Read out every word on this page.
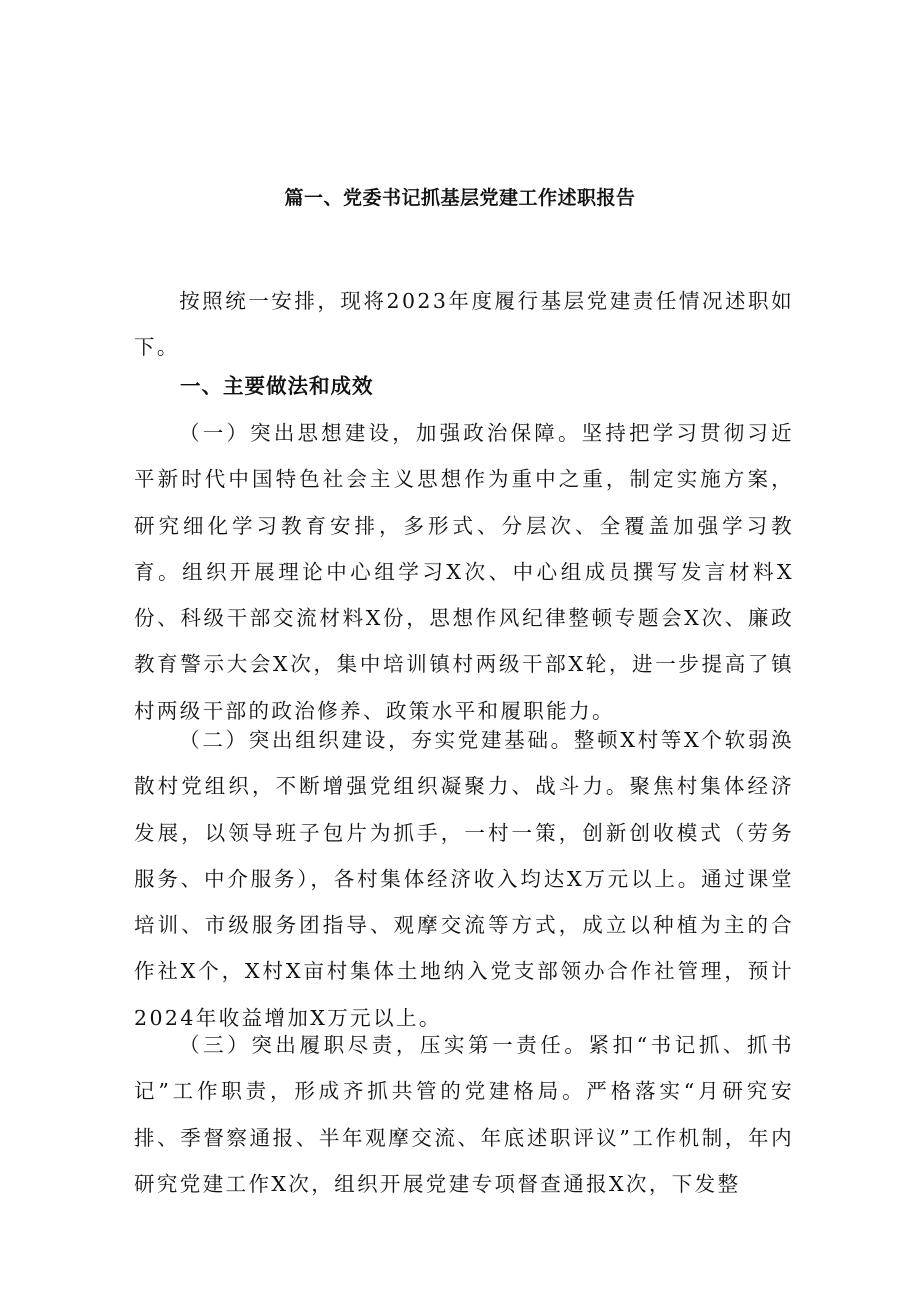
篇一、党委书记抓基层党建工作述职报告

按照统一安排，现将2023年度履行基层党建责任情况述职如下。

一、主要做法和成效

（一）突出思想建设，加强政治保障。坚持把学习贯彻习近平新时代中国特色社会主义思想作为重中之重，制定实施方案，研究细化学习教育安排，多形式、分层次、全覆盖加强学习教育。组织开展理论中心组学习X次、中心组成员撰写发言材料X份、科级干部交流材料X份，思想作风纪律整顿专题会X次、廉政教育警示大会X次，集中培训镇村两级干部X轮，进一步提高了镇村两级干部的政治修养、政策水平和履职能力。

（二）突出组织建设，夯实党建基础。整顿X村等X个软弱涣散村党组织，不断增强党组织凝聚力、战斗力。聚焦村集体经济发展，以领导班子包片为抓手，一村一策，创新创收模式（劳务服务、中介服务），各村集体经济收入均达X万元以上。通过课堂培训、市级服务团指导、观摩交流等方式，成立以种植为主的合作社X个，X村X亩村集体土地纳入党支部领办合作社管理，预计2024年收益增加X万元以上。

（三）突出履职尽责，压实第一责任。紧扣“书记抓、抓书记”工作职责，形成齐抓共管的党建格局。严格落实“月研究安排、季督察通报、半年观摩交流、年底述职评议”工作机制，年内研究党建工作X次，组织开展党建专项督查通报X次，下发整
